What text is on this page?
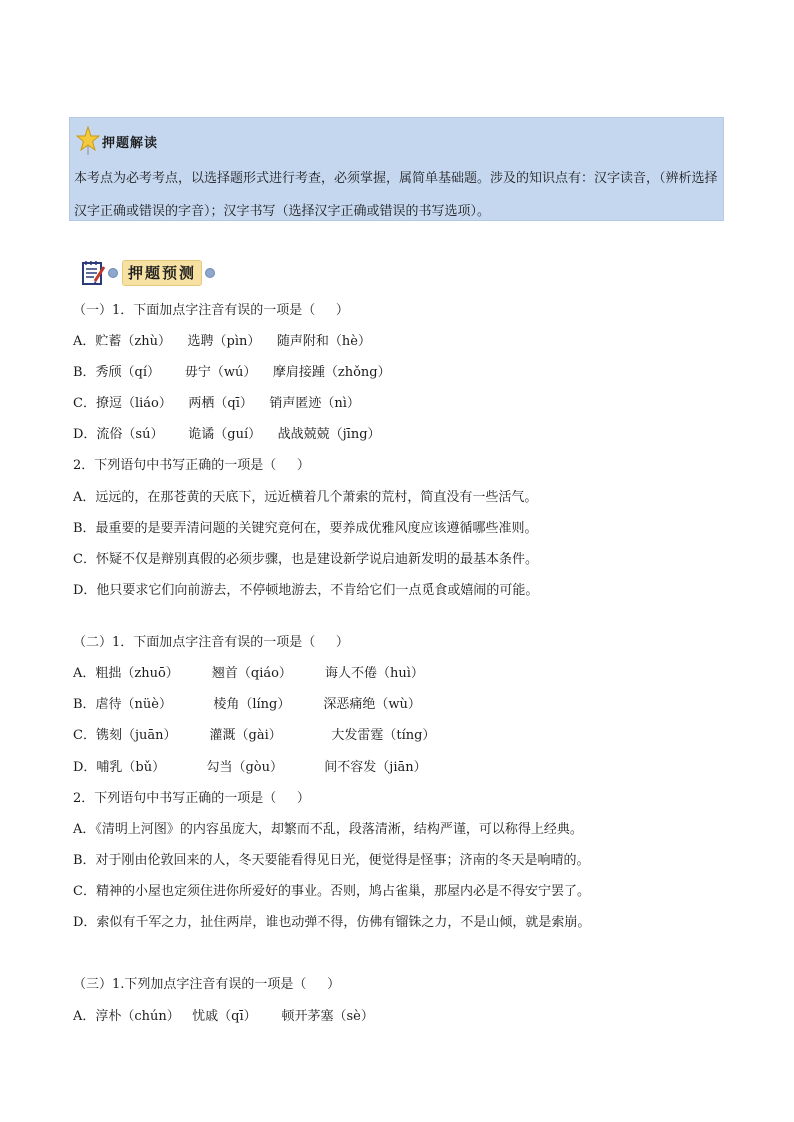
押题解读
本考点为必考考点，以选择题形式进行考查，必须掌握，属简单基础题。涉及的知识点有：汉字读音，（辨析选择汉字正确或错误的字音）；汉字书写（选择汉字正确或错误的书写选项）。
押题预测
（一）1．下面加点字注音有误的一项是（     ）
A．贮蓄（zhù）    选聘（pìn）    随声附和（hè）
B．秀颀（qí）      毋宁（wú）    摩肩接踵（zhǒng）
C．撩逗（liáo）    两栖（qī）    销声匿迹（nì）
D．流俗（sú）      诡谲（guí）    战战兢兢（jīng）
2．下列语句中书写正确的一项是（     ）
A．远远的，在那苍黄的天底下，远近横着几个萧索的荒村，简直没有一些活气。
B．最重要的是要弄清问题的关键究竟何在，要养成优雅风度应该遵循哪些准则。
C．怀疑不仅是辩别真假的必须步骤，也是建设新学说启迪新发明的最基本条件。
D．他只要求它们向前游去，不停顿地游去，不肯给它们一点觅食或嬉闹的可能。
（二）1．下面加点字注音有误的一项是（     ）
A．粗拙（zhuō）        翘首（qiáo）        诲人不倦（huì）
B．虐待（nüè）          棱角（líng）        深恶痛绝（wù）
C．镌刻（juān）        灌溉（gài）            大发雷霆（tíng）
D．哺乳（bǔ）          勾当（gòu）          间不容发（jiān）
2．下列语句中书写正确的一项是（     ）
A．《清明上河图》的内容虽庞大，却繁而不乱，段落清淅，结构严谨，可以称得上经典。
B．对于刚由伦敦回来的人，冬天要能看得见日光，便觉得是怪事；济南的冬天是响晴的。
C．精神的小屋也定须住进你所爱好的事业。否则，鸠占雀巢，那屋内必是不得安宁罢了。
D．索似有千军之力，扯住两岸，谁也动弹不得，仿佛有镏铢之力，不是山倾，就是索崩。
（三）1.下列加点字注音有误的一项是（     ）
A．淳朴（chún）   忧戚（qī）      顿开茅塞（sè）
